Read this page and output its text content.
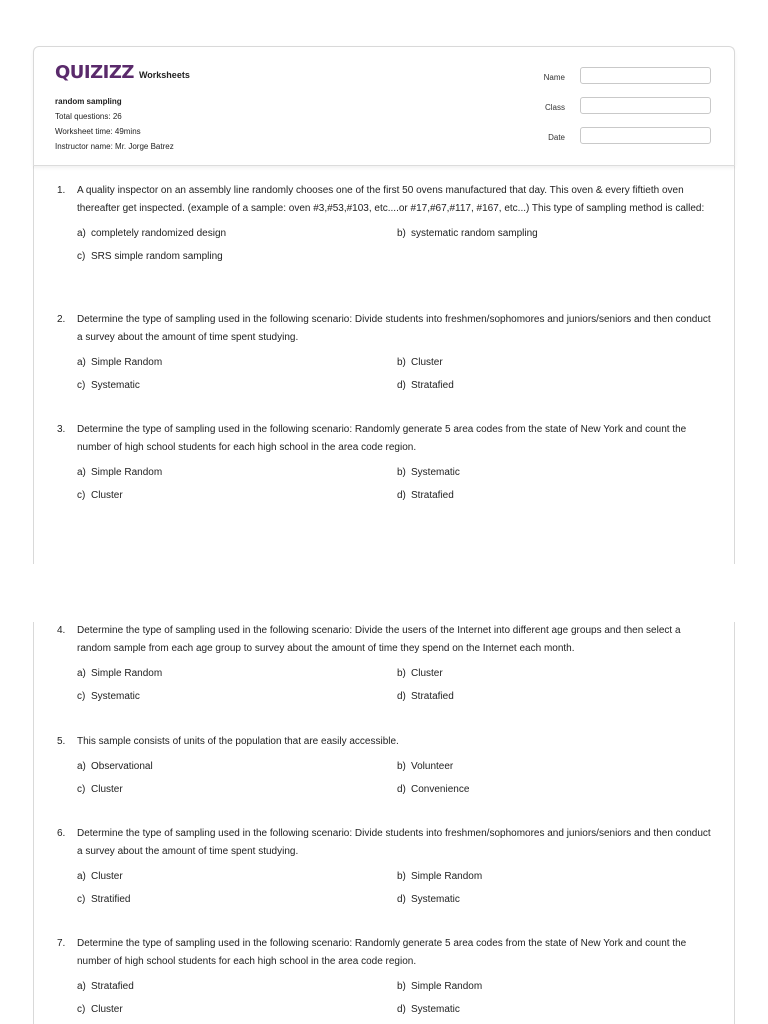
QUIZIZZ Worksheets
random sampling
Total questions: 26
Worksheet time: 49mins
Instructor name: Mr. Jorge Batrez
Name
Class
Date
1. A quality inspector on an assembly line randomly chooses one of the first 50 ovens manufactured that day. This oven & every fiftieth oven thereafter get inspected. (example of a sample: oven #3,#53,#103, etc....or #17,#67,#117, #167, etc...) This type of sampling method is called:
a) completely randomized design	b) systematic random sampling
c) SRS simple random sampling
2. Determine the type of sampling used in the following scenario: Divide students into freshmen/sophomores and juniors/seniors and then conduct a survey about the amount of time spent studying.
a) Simple Random	b) Cluster
c) Systematic	d) Stratafied
3. Determine the type of sampling used in the following scenario: Randomly generate 5 area codes from the state of New York and count the number of high school students for each high school in the area code region.
a) Simple Random	b) Systematic
c) Cluster	d) Stratafied
4. Determine the type of sampling used in the following scenario: Divide the users of the Internet into different age groups and then select a random sample from each age group to survey about the amount of time they spend on the Internet each month.
a) Simple Random	b) Cluster
c) Systematic	d) Stratafied
5. This sample consists of units of the population that are easily accessible.
a) Observational	b) Volunteer
c) Cluster	d) Convenience
6. Determine the type of sampling used in the following scenario: Divide students into freshmen/sophomores and juniors/seniors and then conduct a survey about the amount of time spent studying.
a) Cluster	b) Simple Random
c) Stratified	d) Systematic
7. Determine the type of sampling used in the following scenario: Randomly generate 5 area codes from the state of New York and count the number of high school students for each high school in the area code region.
a) Stratafied	b) Simple Random
c) Cluster	d) Systematic
